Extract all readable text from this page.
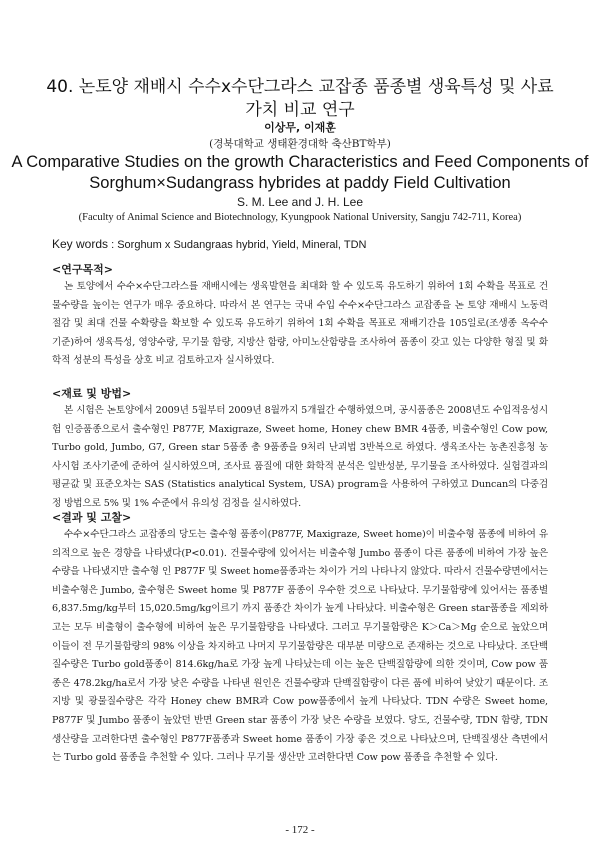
40. 논토양 재배시 수수x수단그라스 교잡종 품종별 생육특성 및 사료가치 비교 연구
이상무, 이재훈
(경북대학교 생태환경대학 축산BT학부)
A Comparative Studies on the growth Characteristics and Feed Components of Sorghum×Sudangrass hybrides at paddy Field Cultivation
S. M. Lee and J. H. Lee
(Faculty of Animal Science and Biotechnology, Kyungpook National University, Sangju 742-711, Korea)
Key words : Sorghum x Sudangraas hybrid, Yield, Mineral, TDN
<연구목적>

논 토양에서 수수×수단그라스를 재배시에는 생육발현을 최대화 할 수 있도록 유도하기 위하여 1회 수확을 목표로 건물수량을 높이는 연구가 매우 중요하다. 따라서 본 연구는 국내 수입 수수×수단그라스 교잡종을 논 토양 재배시 노동력 절감 및 최대 건물 수확량을 확보할 수 있도록 유도하기 위하여 1회 수확을 목표로 재배기간을 105일로(조생종 옥수수 기준)하여 생육특성, 영양수량, 무기물 함량, 지방산 함량, 아미노산함량을 조사하여 품종이 갖고 있는 다양한 형질 및 화학적 성분의 특성을 상호 비교 검토하고자 실시하였다.

<재료 및 방법>

본 시험은 논토양에서 2009년 5월부터 2009년 8월까지 5개월간 수행하였으며, 공시품종은 2008년도 수입적응성시험 인증품종으로서 출수형인 P877F, Maxigraze, Sweet home, Honey chew BMR 4품종, 비출수형인 Cow pow, Turbo gold, Jumbo, G7, Green star 5품종 총 9품종을 9처리 난괴법 3반복으로 하였다. 생육조사는 농촌진흥청 농사시험 조사기준에 준하여 실시하였으며, 조사료 품질에 대한 화학적 분석은 일반성분, 무기물을 조사하였다. 실험결과의 평균값 및 표준오차는 SAS (Statistics analytical System, USA) program을 사용하여 구하였고 Duncan의 다중검정 방법으로 5% 및 1% 수준에서 유의성 검정을 실시하였다.

<결과 및 고찰>

수수×수단그라스 교잡종의 당도는 출수형 품종이(P877F, Maxigraze, Sweet home)이 비출수형 품종에 비하여 유의적으로 높은 경향을 나타냈다(P<0.01). 건물수량에 있어서는 비출수형 Jumbo 품종이 다른 품종에 비하여 가장 높은 수량을 나타냈지만 출수형 인 P877F 및 Sweet home품종과는 차이가 거의 나타나지 않았다. 따라서 건물수량면에서는 비출수형은 Jumbo, 출수형은 Sweet home 및 P877F 품종이 우수한 것으로 나타났다. 무기물함량에 있어서는 품종별 6,837.5mg/kg부터 15,020.5mg/kg이르기 까지 품종간 차이가 높게 나타났다. 비출수형은 Green star품종을 제외하고는 모두 비출형이 출수형에 비하여 높은 무기물함량을 나타냈다. 그러고 무기물함량은 K＞Ca＞Mg 순으로 높았으며 이들이 전 무기물함량의 98% 이상을 차지하고 나머지 무기물함량은 대부분 미량으로 존재하는 것으로 나타났다. 조단백질수량은 Turbo gold품종이 814.6kg/ha로 가장 높게 나타났는데 이는 높은 단백질함량에 의한 것이며, Cow pow 품종은 478.2kg/ha로서 가장 낮은 수량을 나타낸 원인은 건물수량과 단백질함량이 다른 품에 비하여 낮았기 때문이다. 조지방 및 광물질수량은 각각 Honey chew BMR과 Cow pow품종에서 높게 나타났다. TDN 수량은 Sweet home, P877F 및 Jumbo 품종이 높았던 반면 Green star 품종이 가장 낮은 수량을 보였다. 당도, 건물수량, TDN 함량, TDN 생산량을 고려한다면 출수형인 P877F품종과 Sweet home 품종이 가장 좋은 것으로 나타났으며, 단백질생산 측면에서는 Turbo gold 품종을 추천할 수 있다. 그러나 무기물 생산만 고려한다면 Cow pow 품종을 추천할 수 있다.

- 172 -
